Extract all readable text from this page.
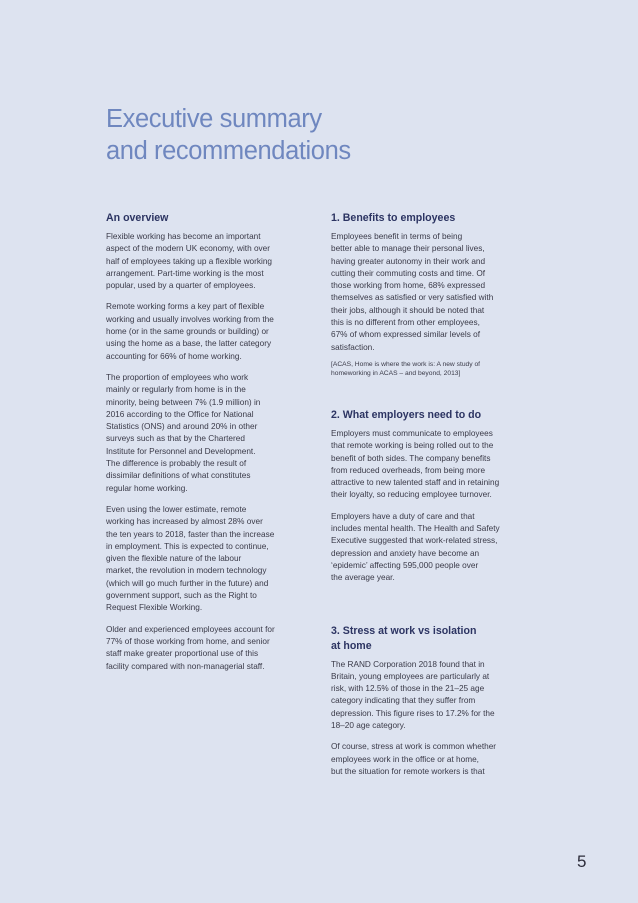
Executive summary
and recommendations
An overview

Flexible working has become an important
aspect of the modern UK economy, with over
half of employees taking up a flexible working
arrangement. Part-time working is the most
popular, used by a quarter of employees.

Remote working forms a key part of flexible
working and usually involves working from the
home (or in the same grounds or building) or
using the home as a base, the latter category
accounting for 66% of home working.

The proportion of employees who work
mainly or regularly from home is in the
minority, being between 7% (1.9 million) in
2016 according to the Office for National
Statistics (ONS) and around 20% in other
surveys such as that by the Chartered
Institute for Personnel and Development.
The difference is probably the result of
dissimilar definitions of what constitutes
regular home working.

Even using the lower estimate, remote
working has increased by almost 28% over
the ten years to 2018, faster than the increase
in employment. This is expected to continue,
given the flexible nature of the labour
market, the revolution in modern technology
(which will go much further in the future) and
government support, such as the Right to
Request Flexible Working.

Older and experienced employees account for
77% of those working from home, and senior
staff make greater proportional use of this
facility compared with non-managerial staff.

1. Benefits to employees

Employees benefit in terms of being
better able to manage their personal lives,
having greater autonomy in their work and
cutting their commuting costs and time. Of
those working from home, 68% expressed
themselves as satisfied or very satisfied with
their jobs, although it should be noted that
this is no different from other employees,
67% of whom expressed similar levels of
satisfaction.

[ACAS, Home is where the work is: A new study of
homeworking in ACAS – and beyond, 2013]

2. What employers need to do

Employers must communicate to employees
that remote working is being rolled out to the
benefit of both sides. The company benefits
from reduced overheads, from being more
attractive to new talented staff and in retaining
their loyalty, so reducing employee turnover.

Employers have a duty of care and that
includes mental health. The Health and Safety
Executive suggested that work-related stress,
depression and anxiety have become an
‘epidemic’ affecting 595,000 people over
the average year.

3. Stress at work vs isolation
at home

The RAND Corporation 2018 found that in
Britain, young employees are particularly at
risk, with 12.5% of those in the 21–25 age
category indicating that they suffer from
depression. This figure rises to 17.2% for the
18–20 age category.

Of course, stress at work is common whether
employees work in the office or at home,
but the situation for remote workers is that

5
